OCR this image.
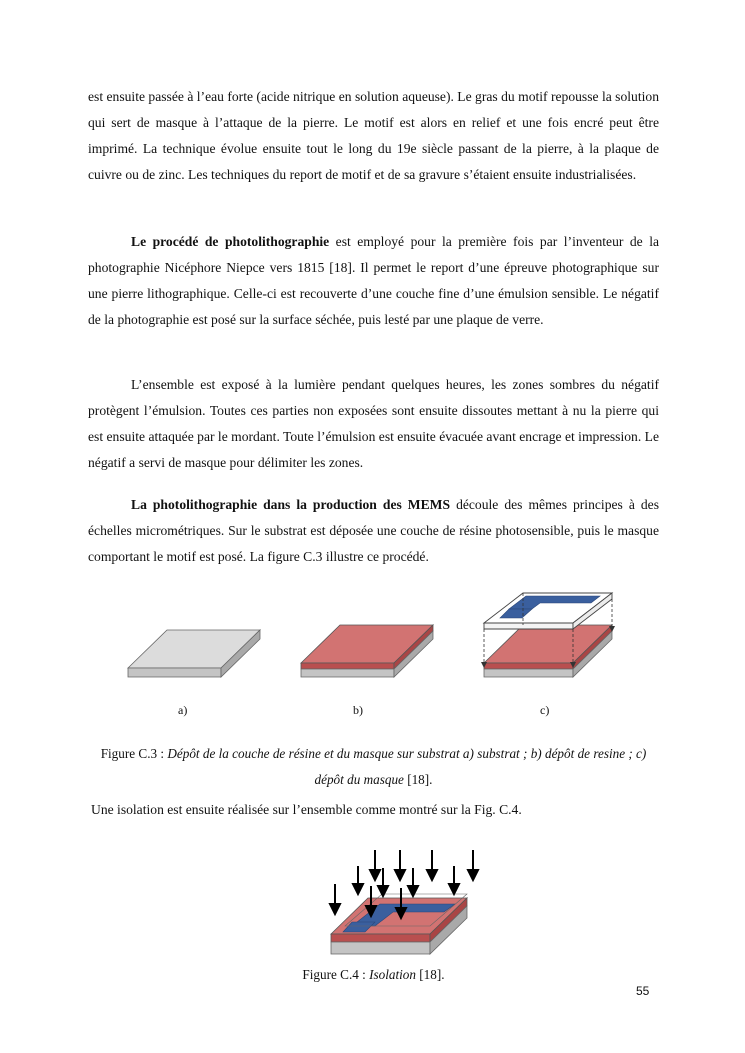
est ensuite passée à l’eau forte (acide nitrique en solution aqueuse). Le gras du motif repousse la solution qui sert de masque à l’attaque de la pierre. Le motif est alors en relief et une fois encré peut être imprimé. La technique évolue ensuite tout le long du 19e siècle passant de la pierre, à la plaque de cuivre ou de zinc. Les techniques du report de motif et de sa gravure s’étaient ensuite industrialisées.

Le procédé de photolithographie est employé pour la première fois par l’inventeur de la photographie Nicéphore Niepce vers 1815 [18]. Il permet le report d’une épreuve photographique sur une pierre lithographique. Celle-ci est recouverte d’une couche fine d’une émulsion sensible. Le négatif de la photographie est posé sur la surface séchée, puis lesté par une plaque de verre.

L’ensemble est exposé à la lumière pendant quelques heures, les zones sombres du négatif protègent l’émulsion. Toutes ces parties non exposées sont ensuite dissoutes mettant à nu la pierre qui est ensuite attaquée par le mordant. Toute l’émulsion est ensuite évacuée avant encrage et impression. Le négatif a servi de masque pour délimiter les zones.

La photolithographie dans la production des MEMS découle des mêmes principes à des échelles micrométriques. Sur le substrat est déposée une couche de résine photosensible, puis le masque comportant le motif est posé. La figure C.3 illustre ce procédé.

a)	b)	c)

Figure C.3 : Dépôt de la couche de résine et du masque sur substrat a) substrat ; b) dépôt de resine ; c) dépôt du masque [18].

Une isolation est ensuite réalisée sur l’ensemble comme montré sur la Fig. C.4.

Figure C.4 : Isolation [18].

55
